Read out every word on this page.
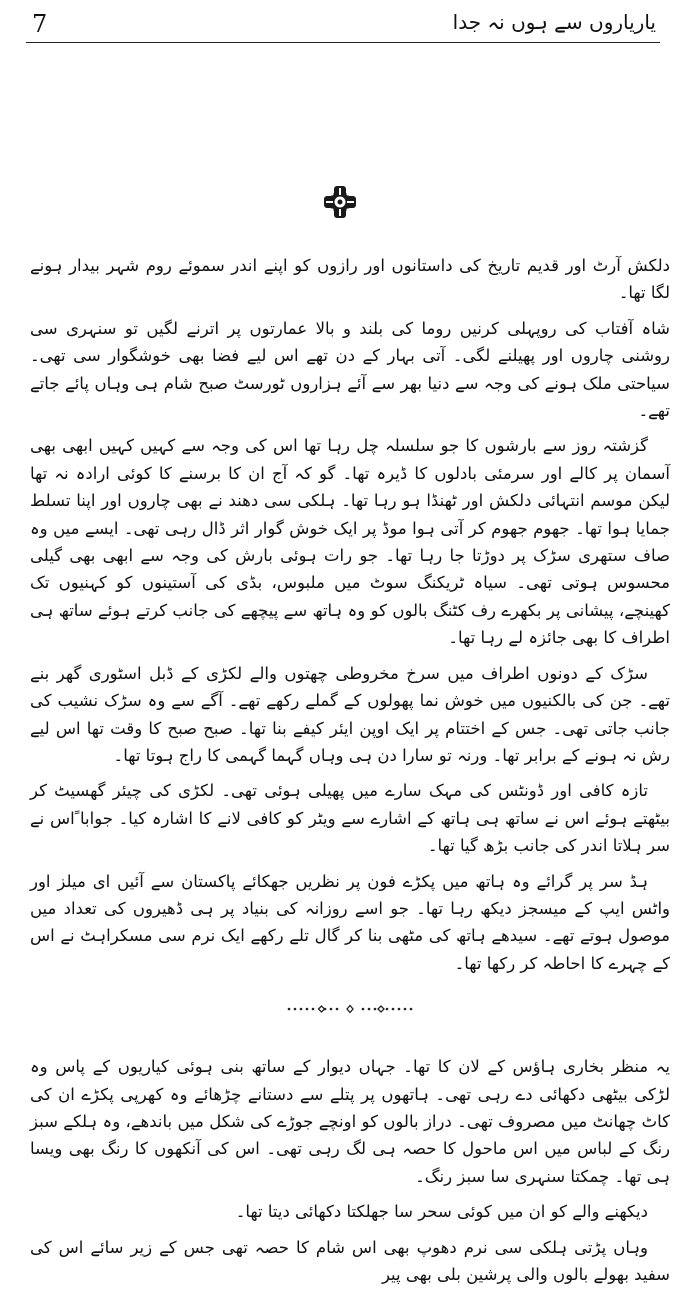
7	یاریاروں سے ہوں نہ جدا

دلکش آرٹ اور قدیم تاریخ کی داستانوں اور رازوں کو اپنے اندر سموئے روم شہر بیدار ہونے لگا تھا۔

شاہ آفتاب کی روپہلی کرنیں روما کی بلند و بالا عمارتوں پر اترنے لگیں تو سنہری سی روشنی چاروں اور پھیلنے لگی۔ آتی بہار کے دن تھے اس لیے فضا بھی خوشگوار سی تھی۔ سیاحتی ملک ہونے کی وجہ سے دنیا بھر سے آئے ہزاروں ٹورسٹ صبح شام ہی وہاں پائے جاتے تھے۔

گزشتہ روز سے بارشوں کا جو سلسلہ چل رہا تھا اس کی وجہ سے کہیں کہیں ابھی بھی آسمان پر کالے اور سرمئی بادلوں کا ڈیرہ تھا۔ گو کہ آج ان کا برسنے کا کوئی ارادہ نہ تھا لیکن موسم انتہائی دلکش اور ٹھنڈا ہو رہا تھا۔ ہلکی سی دھند نے بھی چاروں اور اپنا تسلط جمایا ہوا تھا۔ جھوم جھوم کر آتی ہوا موڈ پر ایک خوش گوار اثر ڈال رہی تھی۔ ایسے میں وہ صاف ستھری سڑک پر دوڑتا جا رہا تھا۔ جو رات ہوئی بارش کی وجہ سے ابھی بھی گیلی محسوس ہوتی تھی۔ سیاہ ٹریکنگ سوٹ میں ملبوس، بڈی کی آستینوں کو کہنیوں تک کھینچے، پیشانی پر بکھرے رف کٹنگ بالوں کو وہ ہاتھ سے پیچھے کی جانب کرتے ہوئے ساتھ ہی اطراف کا بھی جائزہ لے رہا تھا۔

سڑک کے دونوں اطراف میں سرخ مخروطی چھتوں والے لکڑی کے ڈبل اسٹوری گھر بنے تھے۔ جن کی بالکنیوں میں خوش نما پھولوں کے گملے رکھے تھے۔ آگے سے وہ سڑک نشیب کی جانب جاتی تھی۔ جس کے اختتام پر ایک اوپن ایئر کیفے بنا تھا۔ صبح صبح کا وقت تھا اس لیے رش نہ ہونے کے برابر تھا۔ ورنہ تو سارا دن ہی وہاں گہما گہمی کا راج ہوتا تھا۔

تازہ کافی اور ڈونٹس کی مہک سارے میں پھیلی ہوئی تھی۔ لکڑی کی چیئر گھسیٹ کر بیٹھتے ہوئے اس نے ساتھ ہی ہاتھ کے اشارے سے ویٹر کو کافی لانے کا اشارہ کیا۔ جوابا ًاس نے سر ہلاتا اندر کی جانب بڑھ گیا تھا۔

ہڈ سر پر گرائے وہ ہاتھ میں پکڑے فون پر نظریں جھکائے پاکستان سے آئیں ای میلز اور واٹس ایپ کے میسجز دیکھ رہا تھا۔ جو اسے روزانہ کی بنیاد پر ہی ڈھیروں کی تعداد میں موصول ہوتے تھے۔ سیدھے ہاتھ کی مٹھی بنا کر گال تلے رکھے ایک نرم سی مسکراہٹ نے اس کے چہرے کا احاطہ کر رکھا تھا۔

یہ منظر بخاری ہاؤس کے لان کا تھا۔ جہاں دیوار کے ساتھ بنی ہوئی کیاریوں کے پاس وہ لڑکی بیٹھی دکھائی دے رہی تھی۔ ہاتھوں پر پتلے سے دستانے چڑھائے وہ کھرپی پکڑے ان کی کاٹ چھانٹ میں مصروف تھی۔ دراز بالوں کو اونچے جوڑے کی شکل میں باندھے، وہ ہلکے سبز رنگ کے لباس میں اس ماحول کا حصہ ہی لگ رہی تھی۔ اس کی آنکھوں کا رنگ بھی ویسا ہی تھا۔ چمکتا سنہری سا سبز رنگ۔

دیکھنے والے کو ان میں کوئی سحر سا جھلکتا دکھائی دیتا تھا۔

وہاں پڑتی ہلکی سی نرم دھوپ بھی اس شام کا حصہ تھی جس کے زیر سائے اس کی سفید بھولے بالوں والی پرشین بلی بھی پیر
